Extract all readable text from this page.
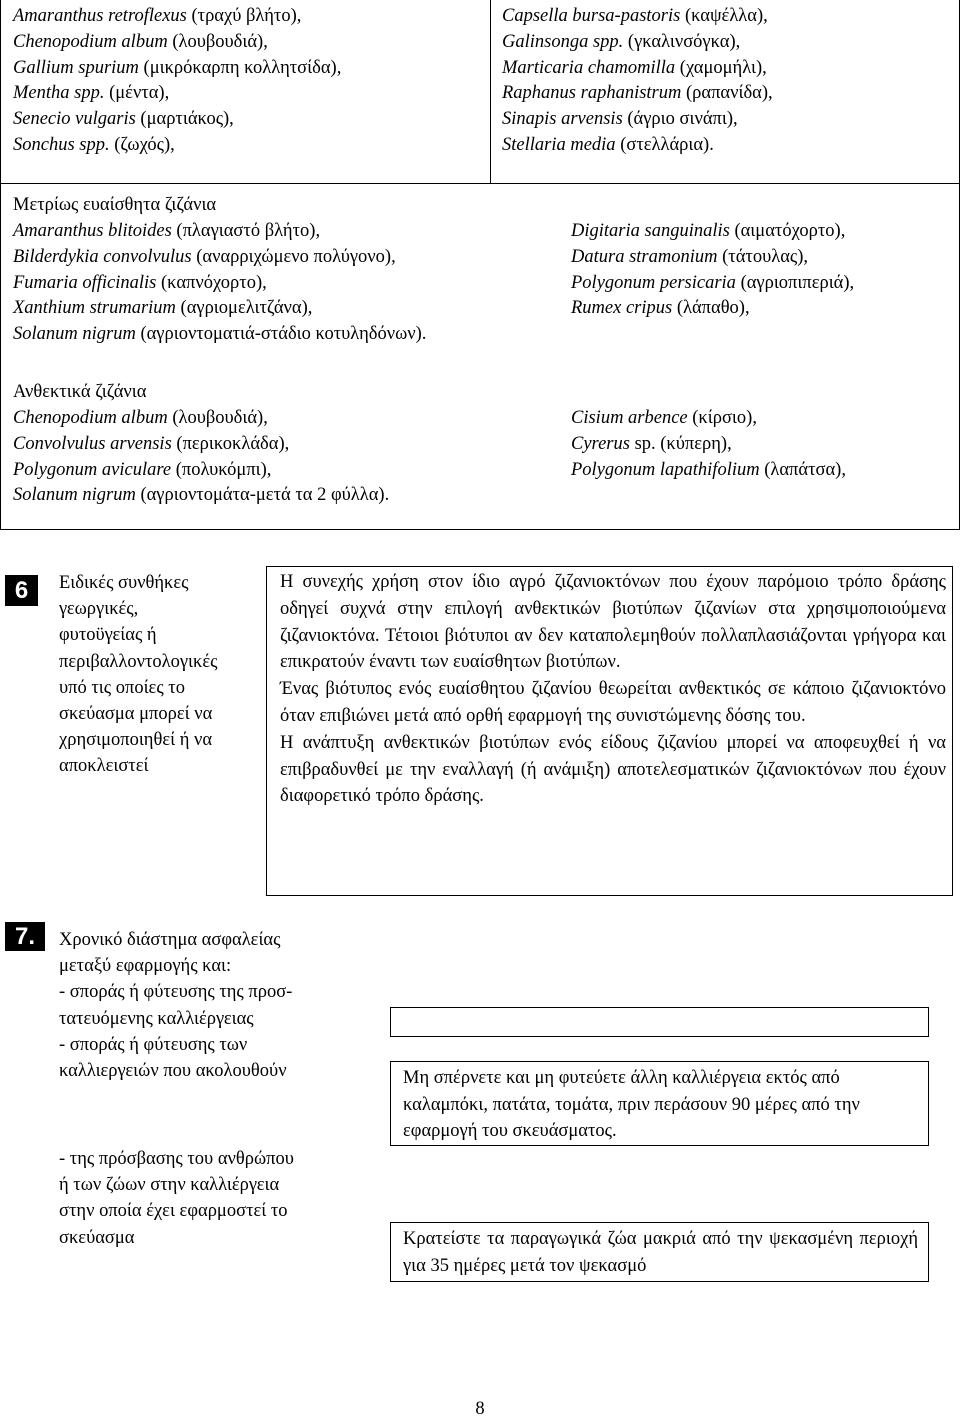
Amaranthus retroflexus (τραχύ βλήτο),
Chenopodium album (λουβουδιά),
Gallium spurium (μικρόκαρπη κολλητσίδα),
Mentha spp. (μέντα),
Senecio vulgaris (μαρτιάκος),
Sonchus spp. (ζωχός),
Capsella bursa-pastoris (καψέλλα),
Galinsonga spp. (γκαλινσόγκα),
Marticaria chamomilla (χαμομήλι),
Raphanus raphanistrum (ραπανίδα),
Sinapis arvensis (άγριο σινάπι),
Stellaria media (στελλάρια).
Μετρίως ευαίσθητα ζιζάνια
Amaranthus blitoides (πλαγιαστό βλήτο),
Bilderdykia convolvulus (αναρριχώμενο πολύγονο),
Fumaria officinalis (καπνόχορτο),
Xanthium strumarium (αγριομελιτζάνα),
Solanum nigrum (αγριοντοματιά-στάδιο κοτυληδόνων).
Digitaria sanguinalis (αιματόχορτο),
Datura stramonium (τάτουλας),
Polygonum persicaria (αγριοπιπεριά),
Rumex cripus (λάπαθο),
Ανθεκτικά ζιζάνια
Chenopodium album (λουβουδιά),
Convolvulus arvensis (περικοκλάδα),
Polygonum aviculare (πολυκόμπι),
Solanum nigrum (αγριοντομάτα-μετά τα 2 φύλλα).
Cisium arbence (κίρσιο),
Cyrerus sp. (κύπερη),
Polygonum lapathifolium (λαπάτσα),
6	Ειδικές συνθήκες
γεωργικές,
φυτοϋγείας ή
περιβαλλοντολογικές
υπό τις οποίες το
σκεύασμα μπορεί να
χρησιμοποιηθεί ή να
αποκλειστεί
Η συνεχής χρήση στον ίδιο αγρό ζιζανιοκτόνων που έχουν παρόμοιο τρόπο δράσης οδηγεί συχνά στην επιλογή ανθεκτικών βιοτύπων ζιζανίων στα χρησιμοποιούμενα ζιζανιοκτόνα. Τέτοιοι βιότυποι αν δεν καταπολεμηθούν πολλαπλασιάζονται γρήγορα και επικρατούν έναντι των ευαίσθητων βιοτύπων.
Ένας βιότυπος ενός ευαίσθητου ζιζανίου θεωρείται ανθεκτικός σε κάποιο ζιζανιοκτόνο όταν επιβιώνει μετά από ορθή εφαρμογή της συνιστώμενης δόσης του.
Η ανάπτυξη ανθεκτικών βιοτύπων ενός είδους ζιζανίου μπορεί να αποφευχθεί ή να επιβραδυνθεί με την εναλλαγή (ή ανάμιξη) αποτελεσματικών ζιζανιοκτόνων που έχουν διαφορετικό τρόπο δράσης.
7.	Χρονικό διάστημα ασφαλείας
μεταξύ εφαρμογής και:
- σποράς ή φύτευσης της προσ-
τατευόμενης καλλιέργειας
- σποράς ή φύτευσης των
καλλιεργειών που ακολουθούν
- της πρόσβασης του ανθρώπου
ή των ζώων στην καλλιέργεια
στην οποία έχει εφαρμοστεί το
σκεύασμα
Μη σπέρνετε και μη φυτεύετε άλλη καλλιέργεια εκτός από καλαμπόκι, πατάτα, τομάτα, πριν περάσουν 90 μέρες από την εφαρμογή του σκευάσματος.
Κρατείστε τα παραγωγικά ζώα μακριά από την ψεκασμένη περιοχή για 35 ημέρες μετά τον ψεκασμό
8
